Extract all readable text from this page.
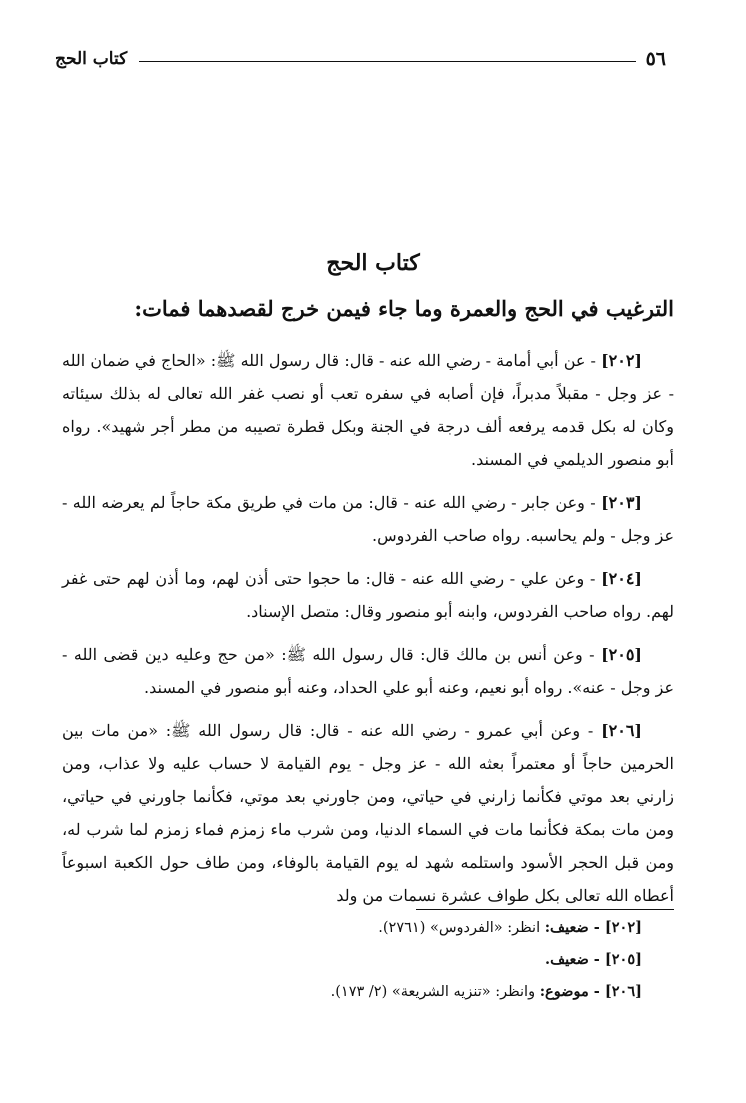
٥٦
كتاب الحج
كتاب الحج
الترغيب في الحج والعمرة وما جاء فيمن خرج لقصدهما فمات:

[٢٠٢] - عن أبي أمامة - رضي الله عنه - قال: قال رسول الله ﷺ: «الحاج في ضمان الله - عز وجل - مقبلاً مدبراً، فإن أصابه في سفره تعب أو نصب غفر الله تعالى له بذلك سيئاته وكان له بكل قدمه يرفعه ألف درجة في الجنة وبكل قطرة تصيبه من مطر أجر شهيد». رواه أبو منصور الديلمي في المسند.

[٢٠٣] - وعن جابر - رضي الله عنه - قال: من مات في طريق مكة حاجاً لم يعرضه الله - عز وجل - ولم يحاسبه. رواه صاحب الفردوس.

[٢٠٤] - وعن علي - رضي الله عنه - قال: ما حجوا حتى أذن لهم، وما أذن لهم حتى غفر لهم. رواه صاحب الفردوس، وابنه أبو منصور وقال: متصل الإسناد.

[٢٠٥] - وعن أنس بن مالك قال: قال رسول الله ﷺ: «من حج وعليه دين قضى الله - عز وجل - عنه». رواه أبو نعيم، وعنه أبو علي الحداد، وعنه أبو منصور في المسند.

[٢٠٦] - وعن أبي عمرو - رضي الله عنه - قال: قال رسول الله ﷺ: «من مات بين الحرمين حاجاً أو معتمراً بعثه الله - عز وجل - يوم القيامة لا حساب عليه ولا عذاب، ومن زارني بعد موتي فكأنما زارني في حياتي، ومن جاورني بعد موتي، فكأنما جاورني في حياتي، ومن مات بمكة فكأنما مات في السماء الدنيا، ومن شرب ماء زمزم فماء زمزم لما شرب له، ومن قبل الحجر الأسود واستلمه شهد له يوم القيامة بالوفاء، ومن طاف حول الكعبة اسبوعاً أعطاه الله تعالى بكل طواف عشرة نسمات من ولد

[٢٠٢] - ضعيف: انظر: «الفردوس» (٢٧٦١).
[٢٠٥] - ضعيف.
[٢٠٦] - موضوع: وانظر: «تنزيه الشريعة» (٢/ ١٧٣).
